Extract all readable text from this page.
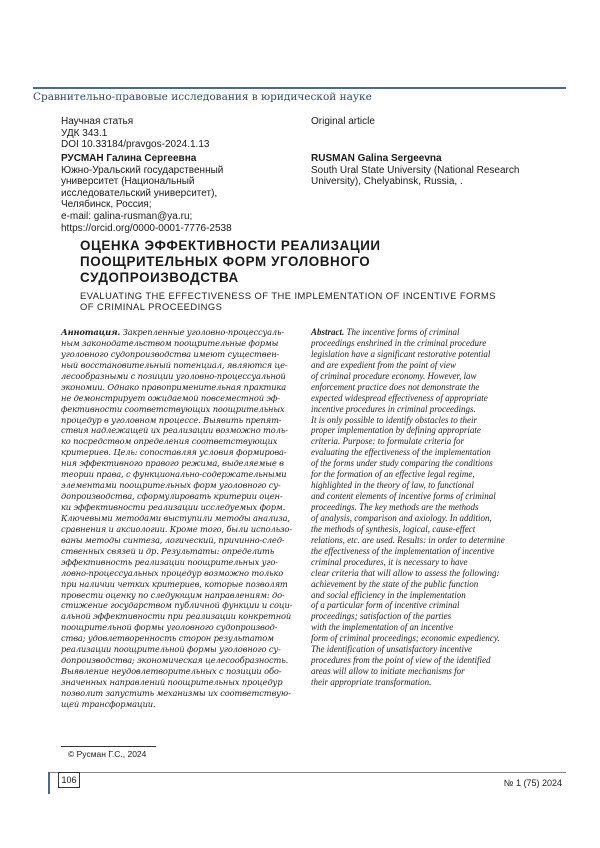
Сравнительно-правовые исследования в юридической науке
Научная статья
УДК 343.1
DOI 10.33184/pravgos-2024.1.13
Original article
РУСМАН Галина Сергеевна
Южно-Уральский государственный
университет (Национальный
исследовательский университет),
Челябинск, Россия;
e-mail: galina-rusman@ya.ru;
https://orcid.org/0000-0001-7776-2538
RUSMAN Galina Sergeevna
South Ural State University (National Research
University), Chelyabinsk, Russia, .
ОЦЕНКА ЭФФЕКТИВНОСТИ РЕАЛИЗАЦИИ
ПООЩРИТЕЛЬНЫХ ФОРМ УГОЛОВНОГО
СУДОПРОИЗВОДСТВА
EVALUATING THE EFFECTIVENESS OF THE IMPLEMENTATION OF INCENTIVE FORMS
OF CRIMINAL PROCEEDINGS
Аннотация. Закрепленные уголовно-процессуаль-
ным законодательством поощрительные формы
уголовного судопроизводства имеют существен-
ный восстановительный потенциал, являются це-
лесообразными с позиции уголовно-процессуальной
экономии. Однако правоприменительная практика
не демонстрирует ожидаемой повсеместной эф-
фективности соответствующих поощрительных
процедур в уголовном процессе. Выявить препят-
ствия надлежащей их реализации возможно толь-
ко посредством определения соответствующих
критериев. Цель: сопоставляя условия формирова-
ния эффективного правого режима, выделяемые в
теории права, с функционально-содержательными
элементами поощрительных форм уголовного су-
допроизводства, сформулировать критерии оцен-
ки эффективности реализации исследуемых форм.
Ключевыми методами выступили методы анализа,
сравнения и аксиологии. Кроме того, были использо-
ваны методы синтеза, логический, причинно-след-
ственных связей и др. Результаты: определить
эффективность реализации поощрительных уго-
ловно-процессуальных процедур возможно только
при наличии четких критериев, которые позволят
провести оценку по следующим направлениям: до-
стижение государством публичной функции и соци-
альной эффективности при реализации конкретной
поощрительной формы уголовного судопроизвод-
ства; удовлетворенность сторон результатом
реализации поощрительной формы уголовного су-
допроизводства; экономическая целесообразность.
Выявление неудовлетворительных с позиции обо-
значенных направлений поощрительных процедур
позволит запустить механизмы их соответствую-
щей трансформации.
Abstract. The incentive forms of criminal
proceedings enshrined in the criminal procedure
legislation have a significant restorative potential
and are expedient from the point of view
of criminal procedure economy. However, law
enforcement practice does not demonstrate the
expected widespread effectiveness of appropriate
incentive procedures in criminal proceedings.
It is only possible to identify obstacles to their
proper implementation by defining appropriate
criteria. Purpose: to formulate criteria for
evaluating the effectiveness of the implementation
of the forms under study comparing the conditions
for the formation of an effective legal regime,
highlighted in the theory of law, to functional
and content elements of incentive forms of criminal
proceedings. The key methods are the methods
of analysis, comparison and axiology. In addition,
the methods of synthesis, logical, cause-effect
relations, etc. are used. Results: in order to determine
the effectiveness of the implementation of incentive
criminal procedures, it is necessary to have
clear criteria that will allow to assess the following:
achievement by the state of the public function
and social efficiency in the implementation
of a particular form of incentive criminal
proceedings; satisfaction of the parties
with the implementation of an incentive
form of criminal proceedings; economic expediency.
The identification of unsatisfactory incentive
procedures from the point of view of the identified
areas will allow to initiate mechanisms for
their appropriate transformation.
© Русман Г.С., 2024
106	№ 1 (75) 2024
